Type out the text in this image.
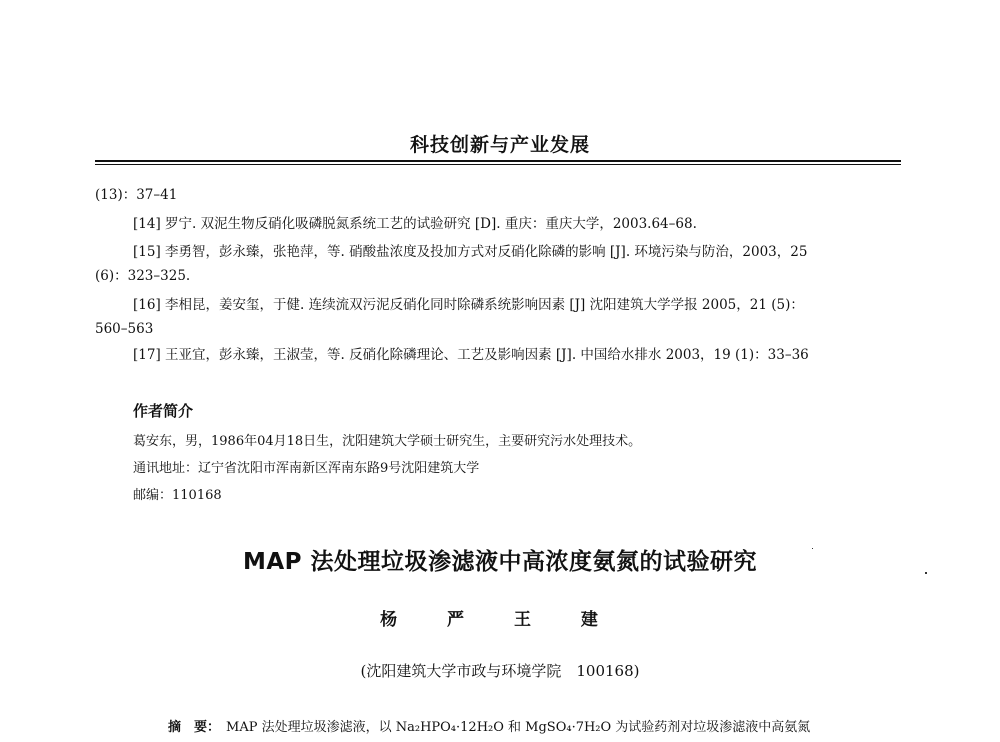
科技创新与产业发展
(13)：37–41
[14] 罗宁. 双泥生物反硝化吸磷脱氮系统工艺的试验研究 [D]. 重庆：重庆大学，2003.64–68.
[15] 李勇智，彭永臻，张艳萍，等. 硝酸盐浓度及投加方式对反硝化除磷的影响 [J]. 环境污染与防治，2003，25
(6)：323–325.
[16] 李相昆，姜安玺，于健. 连续流双污泥反硝化同时除磷系统影响因素 [J] 沈阳建筑大学学报 2005，21 (5)：
560–563
[17] 王亚宜，彭永臻，王淑莹，等. 反硝化除磷理论、工艺及影响因素 [J]. 中国给水排水 2003，19 (1)：33–36
作者简介
葛安东，男，1986年04月18日生，沈阳建筑大学硕士研究生，主要研究污水处理技术。
通讯地址：辽宁省沈阳市浑南新区浑南东路9号沈阳建筑大学
邮编：110168
MAP 法处理垃圾渗滤液中高浓度氨氮的试验研究
杨 严 王 建
(沈阳建筑大学市政与环境学院　100168)
摘　要： MAP 法处理垃圾渗滤液，以 Na₂HPO₄·12H₂O 和 MgSO₄·7H₂O 为试验药剂对垃圾渗滤液中高氨氮
